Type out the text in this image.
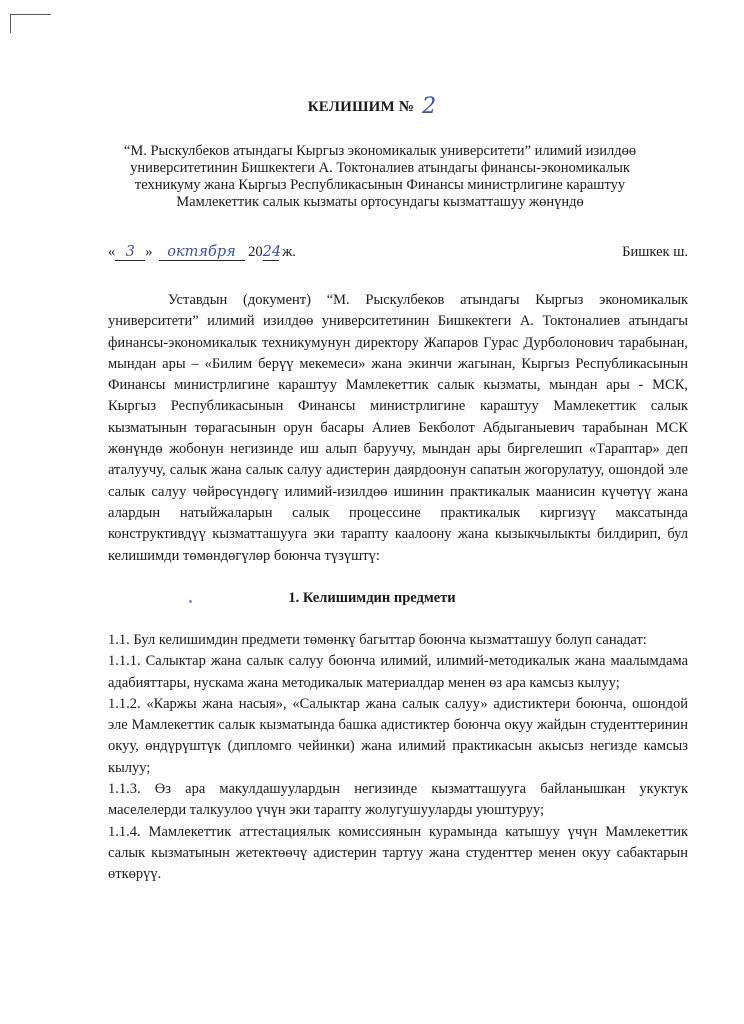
КЕЛИШИМ № 2
“М. Рыскулбеков атындагы Кыргыз экономикалык университети” илимий изилдөө университетинин Бишкектеги А. Токтоналиев атындагы финансы-экономикалык техникуму жана Кыргыз Республикасынын Финансы министрлигине караштуу Мамлекеттик салык кызматы ортосундагы кызматташуу жөнүндө
« 3 » октября 2024 ж.	Бишкек ш.

Уставдын (документ) “М. Рыскулбеков атындагы Кыргыз экономикалык университети” илимий изилдөө университетинин Бишкектеги А. Токтоналиев атындагы финансы-экономикалык техникумунун директору Жапаров Гурас Дурболонович тарабынан, мындан ары – «Билим берүү мекемеси» жана экинчи жагынан, Кыргыз Республикасынын Финансы министрлигине караштуу Мамлекеттик салык кызматы, мындан ары - МСК, Кыргыз Республикасынын Финансы министрлигине караштуу Мамлекеттик салык кызматынын төрагасынын орун басары Алиев Бекболот Абдыганыевич тарабынан МСК жөнүндө жобонун негизинде иш алып баруучу, мындан ары биргелешип «Тараптар» деп аталуучу, салык жана салык салуу адистерин даярдоонун сапатын жогорулатуу, ошондой эле салык салуу чөйрөсүндөгү илимий-изилдөө ишинин практикалык маанисин күчөтүү жана алардын натыйжаларын салык процессине практикалык киргизүү максатында конструктивдүү кызматташууга эки тарапту каалоону жана кызыкчылыкты билдирип, бул келишимди төмөндөгүлөр боюнча түзүштү:

1. Келишимдин предмети

1.1. Бул келишимдин предмети төмөнкү багыттар боюнча кызматташуу болуп санадат:

1.1.1. Салыктар жана салык салуу боюнча илимий, илимий-методикалык жана маалымдама адабияттары, нускама жана методикалык материалдар менен өз ара камсыз кылуу;

1.1.2. «Каржы жана насыя», «Салыктар жана салык салуу» адистиктери боюнча, ошондой эле Мамлекеттик салык кызматында башка адистиктер боюнча окуу жайдын студенттеринин окуу, өндүрүштүк (дипломго чейинки) жана илимий практикасын акысыз негизде камсыз кылуу;

1.1.3. Өз ара макулдашуулардын негизинде кызматташууга байланышкан укуктук маселелерди талкуулоо үчүн эки тарапту жолугушууларды уюштуруу;

1.1.4. Мамлекеттик аттестациялык комиссиянын курамында катышуу үчүн Мамлекеттик салык кызматынын жетектөөчү адистерин тартуу жана студенттер менен окуу сабактарын өткөрүү.
